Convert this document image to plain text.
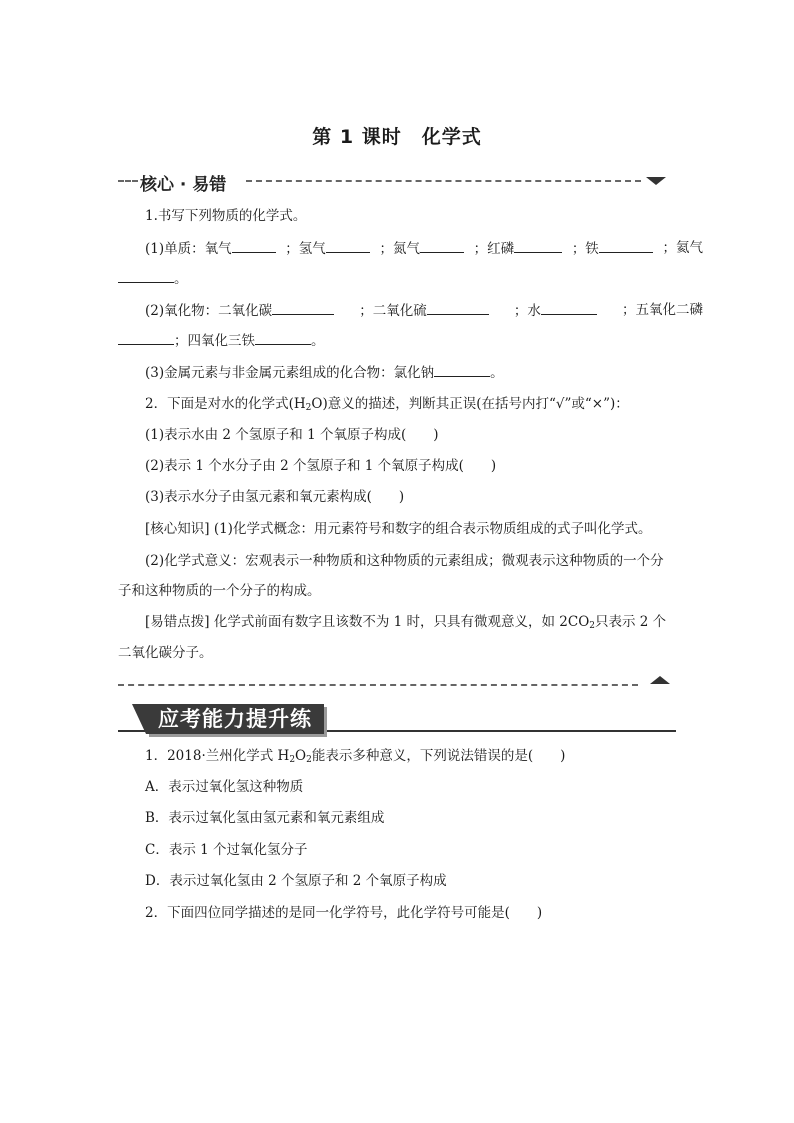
第 1 课时　化学式
核心 · 易错
1.书写下列物质的化学式。
(1)单质：氧气	；氢气	；氮气	；红磷	；铁	；氦气
。
(2)氧化物：二氧化碳	；二氧化硫	；水	；五氧化二磷
；四氧化三铁	。
(3)金属元素与非金属元素组成的化合物：氯化钠	。
2．下面是对水的化学式$(H_2O)$意义的描述，判断其正误(在括号内打“√”或“×”)：
(1)表示水由 2 个氢原子和 1 个氧原子构成(　　)
(2)表示 1 个水分子由 2 个氢原子和 1 个氧原子构成(　　)
(3)表示水分子由氢元素和氧元素构成(　　)
[核心知识] (1)化学式概念：用元素符号和数字的组合表示物质组成的式子叫化学式。
(2)化学式意义：宏观表示一种物质和这种物质的元素组成；微观表示这种物质的一个分
子和这种物质的一个分子的构成。
[易错点拨] 化学式前面有数字且该数不为 1 时，只具有微观意义，如 $2CO_2$只表示 2 个
二氧化碳分子。
应考能力提升练
1．2018·兰州化学式 $H_2O_2$能表示多种意义，下列说法错误的是(　　)
A．表示过氧化氢这种物质
B．表示过氧化氢由氢元素和氧元素组成
C．表示 1 个过氧化氢分子
D．表示过氧化氢由 2 个氢原子和 2 个氧原子构成
2．下面四位同学描述的是同一化学符号，此化学符号可能是(　　)
